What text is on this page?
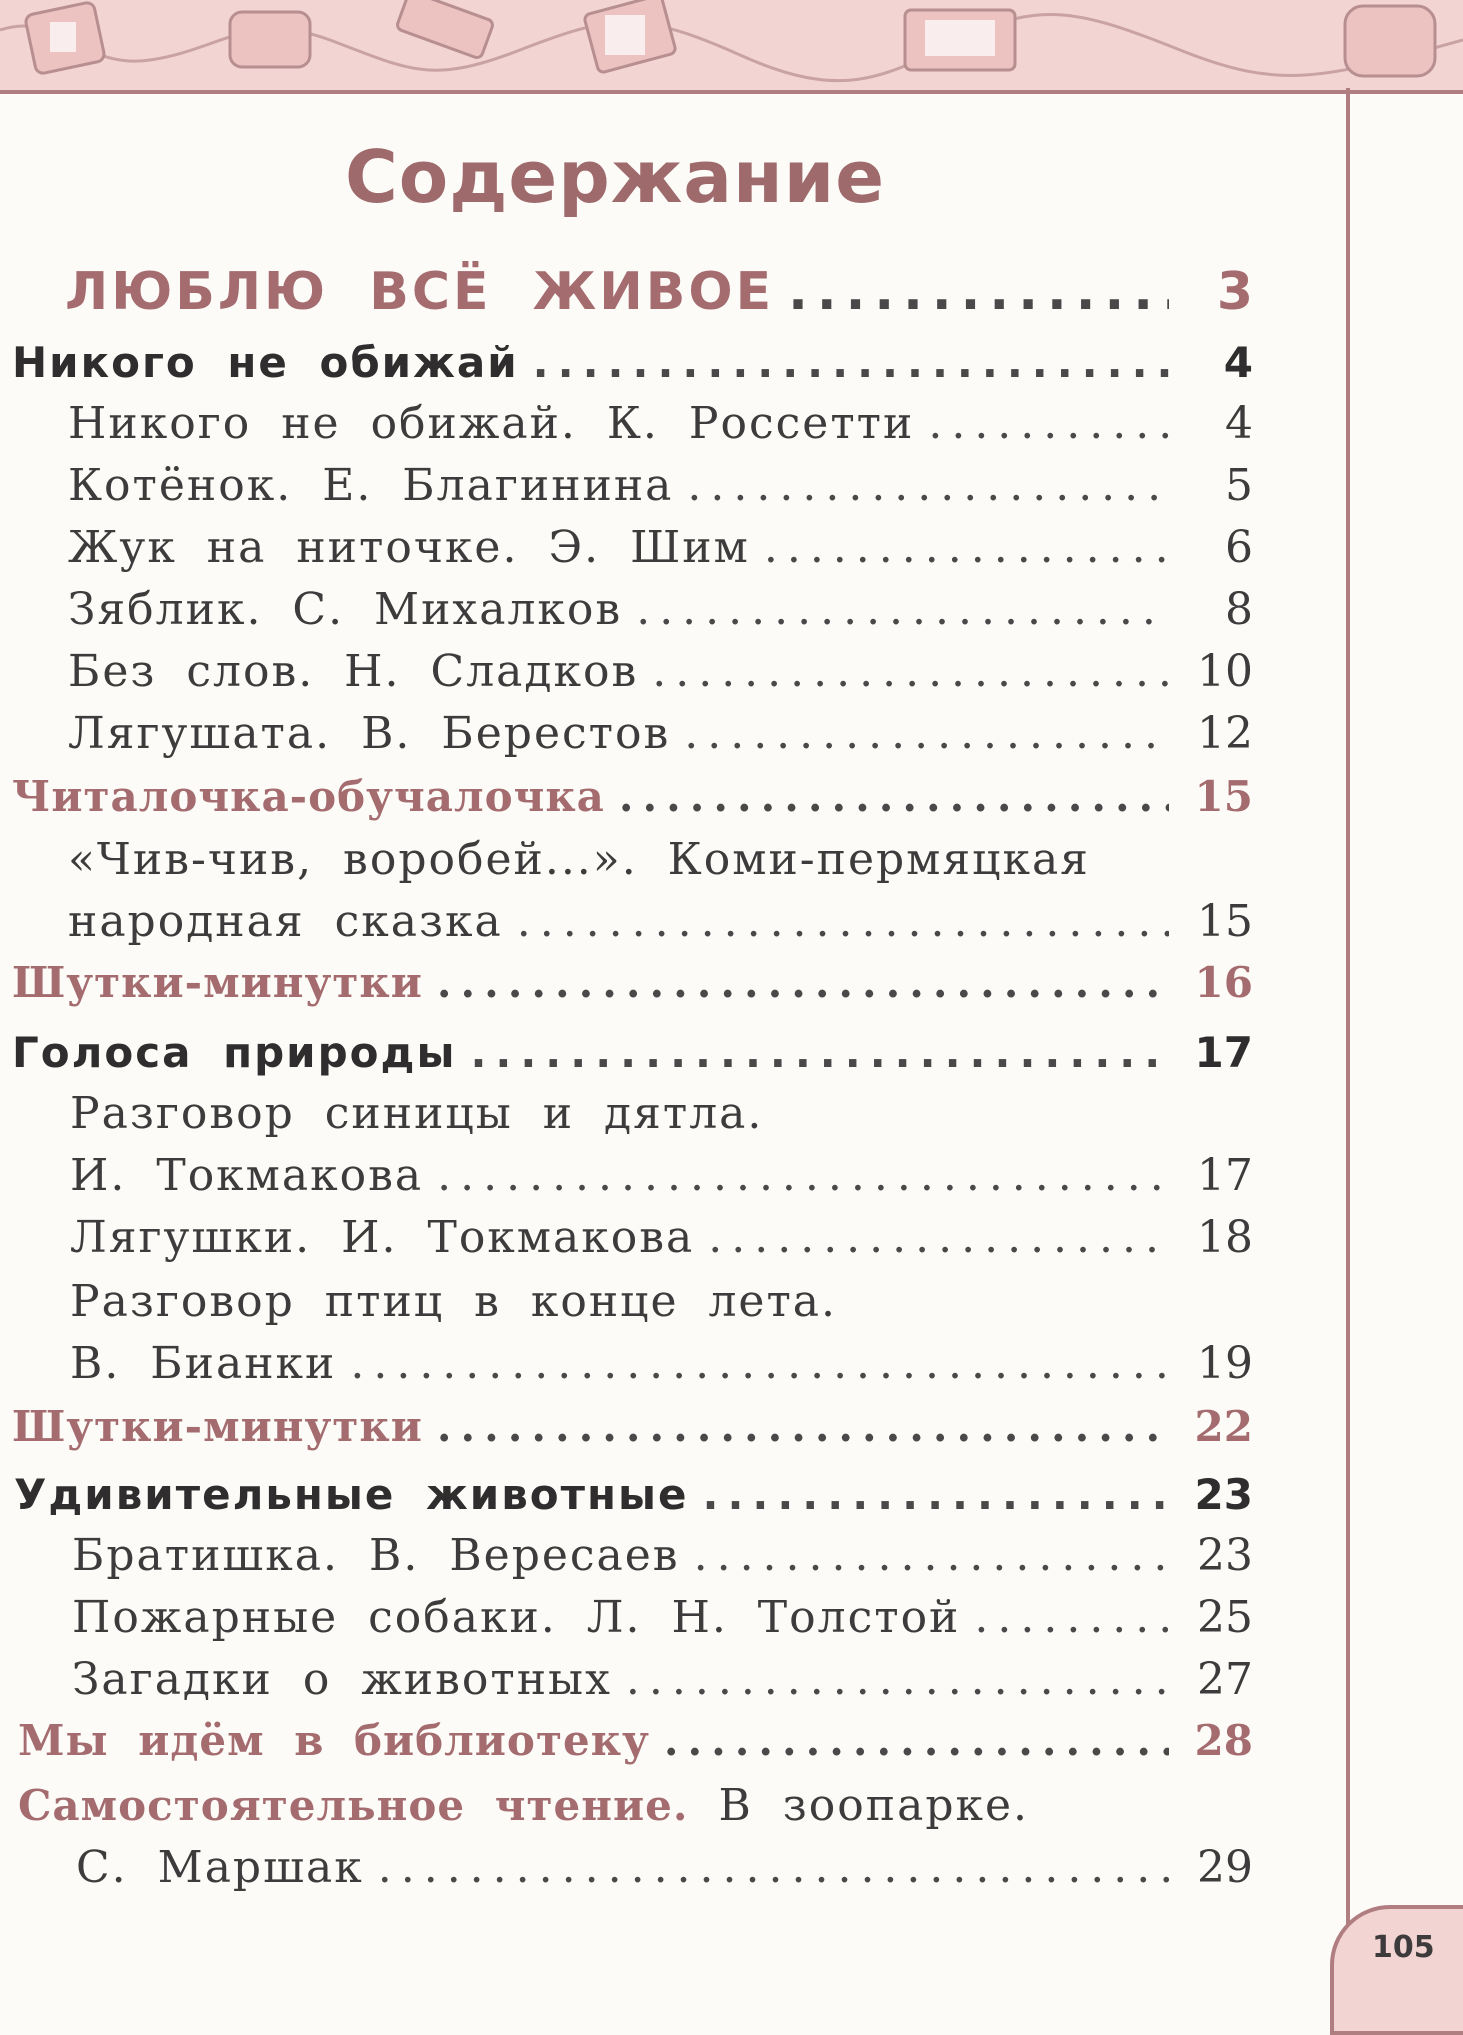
105
Содержание
ЛЮБЛЮ ВСЁ ЖИВОЕ .....	3
Никого не обижай .....	4
Никого не обижай. К. Россетти .....	4
Котёнок. Е. Благинина .....	5
Жук на ниточке. Э. Шим .....	6
Зяблик. С. Михалков .....	8
Без слов. Н. Сладков .....	10
Лягушата. В. Берестов .....	12
Читалочка-обучалочка .....	15
«Чив-чив, воробей...». Коми-пермяцкая
народная сказка .....	15
Шутки-минутки .....	16
Голоса природы .....	17
Разговор синицы и дятла.
И. Токмакова .....	17
Лягушки. И. Токмакова .....	18
Разговор птиц в конце лета.
В. Бианки .....	19
Шутки-минутки .....	22
Удивительные животные .....	23
Братишка. В. Вересаев .....	23
Пожарные собаки. Л. Н. Толстой .....	25
Загадки о животных .....	27
Мы идём в библиотеку .....	28
Самостоятельное чтение. В зоопарке.
С. Маршак .....	29
